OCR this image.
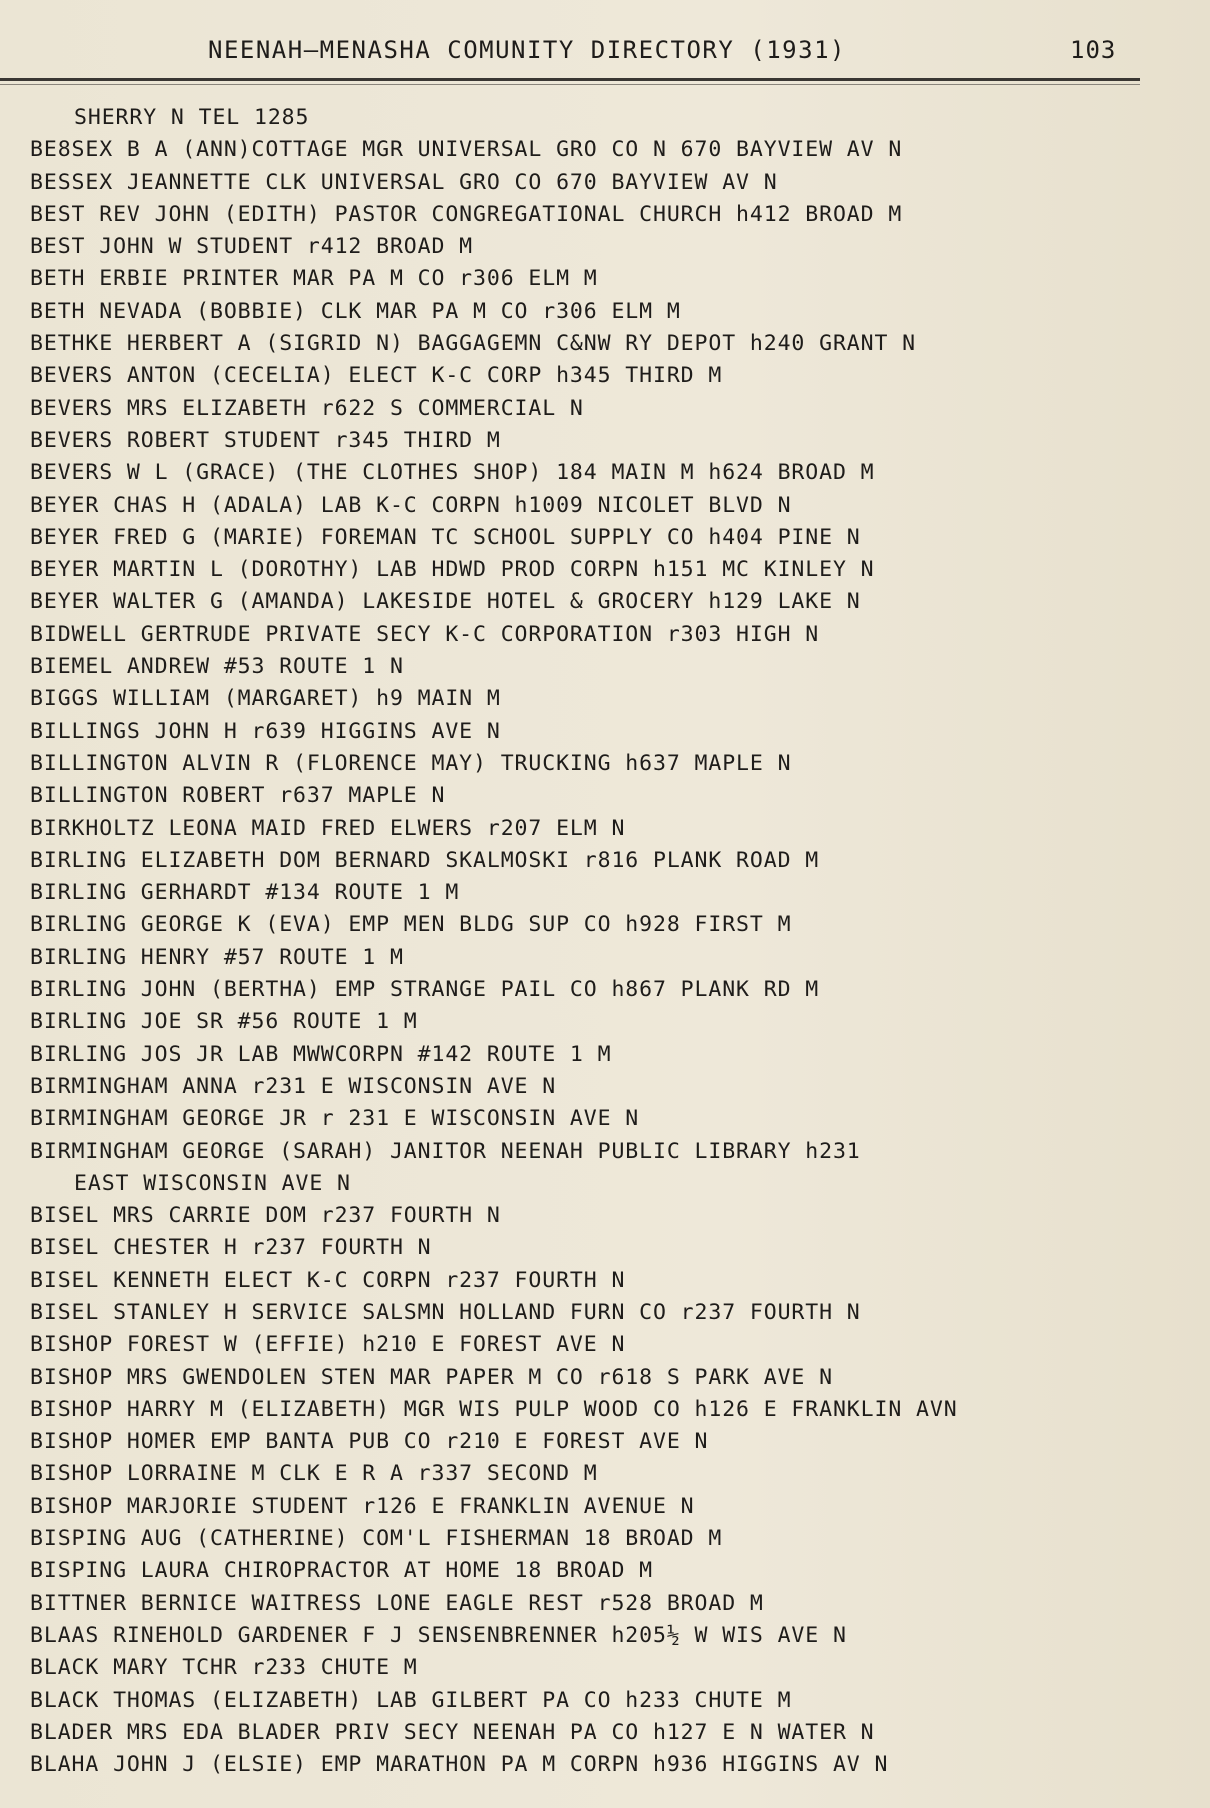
NEENAH–MENASHA COMUNITY DIRECTORY (1931)	103
SHERRY N TEL 1285
BE8SEX B A (ANN)COTTAGE MGR UNIVERSAL GRO CO N 670 BAYVIEW AV N
BESSEX JEANNETTE CLK UNIVERSAL GRO CO 670 BAYVIEW AV N
BEST REV JOHN (EDITH) PASTOR CONGREGATIONAL CHURCH h412 BROAD M
BEST JOHN W STUDENT r412 BROAD M
BETH ERBIE PRINTER MAR PA M CO r306 ELM M
BETH NEVADA (BOBBIE) CLK MAR PA M CO r306 ELM M
BETHKE HERBERT A (SIGRID N) BAGGAGEMN C&NW RY DEPOT h240 GRANT N
BEVERS ANTON (CECELIA) ELECT K-C CORP h345 THIRD M
BEVERS MRS ELIZABETH r622 S COMMERCIAL N
BEVERS ROBERT STUDENT r345 THIRD M
BEVERS W L (GRACE) (THE CLOTHES SHOP) 184 MAIN M h624 BROAD M
BEYER CHAS H (ADALA) LAB K-C CORPN h1009 NICOLET BLVD N
BEYER FRED G (MARIE) FOREMAN TC SCHOOL SUPPLY CO h404 PINE N
BEYER MARTIN L (DOROTHY) LAB HDWD PROD CORPN h151 MC KINLEY N
BEYER WALTER G (AMANDA) LAKESIDE HOTEL & GROCERY h129 LAKE N
BIDWELL GERTRUDE PRIVATE SECY K-C CORPORATION r303 HIGH N
BIEMEL ANDREW #53 ROUTE 1 N
BIGGS WILLIAM (MARGARET) h9 MAIN M
BILLINGS JOHN H r639 HIGGINS AVE N
BILLINGTON ALVIN R (FLORENCE MAY) TRUCKING h637 MAPLE N
BILLINGTON ROBERT r637 MAPLE N
BIRKHOLTZ LEONA MAID FRED ELWERS r207 ELM N
BIRLING ELIZABETH DOM BERNARD SKALMOSKI r816 PLANK ROAD M
BIRLING GERHARDT #134 ROUTE 1 M
BIRLING GEORGE K (EVA) EMP MEN BLDG SUP CO h928 FIRST M
BIRLING HENRY #57 ROUTE 1 M
BIRLING JOHN (BERTHA) EMP STRANGE PAIL CO h867 PLANK RD M
BIRLING JOE SR #56 ROUTE 1 M
BIRLING JOS JR LAB MWWCORPN #142 ROUTE 1 M
BIRMINGHAM ANNA r231 E WISCONSIN AVE N
BIRMINGHAM GEORGE JR r 231 E WISCONSIN AVE N
BIRMINGHAM GEORGE (SARAH) JANITOR NEENAH PUBLIC LIBRARY h231
EAST WISCONSIN AVE N
BISEL MRS CARRIE DOM r237 FOURTH N
BISEL CHESTER H r237 FOURTH N
BISEL KENNETH ELECT K-C CORPN r237 FOURTH N
BISEL STANLEY H SERVICE SALSMN HOLLAND FURN CO r237 FOURTH N
BISHOP FOREST W (EFFIE) h210 E FOREST AVE N
BISHOP MRS GWENDOLEN STEN MAR PAPER M CO r618 S PARK AVE N
BISHOP HARRY M (ELIZABETH) MGR WIS PULP WOOD CO h126 E FRANKLIN AVN
BISHOP HOMER EMP BANTA PUB CO r210 E FOREST AVE N
BISHOP LORRAINE M CLK E R A r337 SECOND M
BISHOP MARJORIE STUDENT r126 E FRANKLIN AVENUE N
BISPING AUG (CATHERINE) COM'L FISHERMAN 18 BROAD M
BISPING LAURA CHIROPRACTOR AT HOME 18 BROAD M
BITTNER BERNICE WAITRESS LONE EAGLE REST r528 BROAD M
BLAAS RINEHOLD GARDENER F J SENSENBRENNER h205½ W WIS AVE N
BLACK MARY TCHR r233 CHUTE M
BLACK THOMAS (ELIZABETH) LAB GILBERT PA CO h233 CHUTE M
BLADER MRS EDA BLADER PRIV SECY NEENAH PA CO h127 E N WATER N
BLAHA JOHN J (ELSIE) EMP MARATHON PA M CORPN h936 HIGGINS AV N
